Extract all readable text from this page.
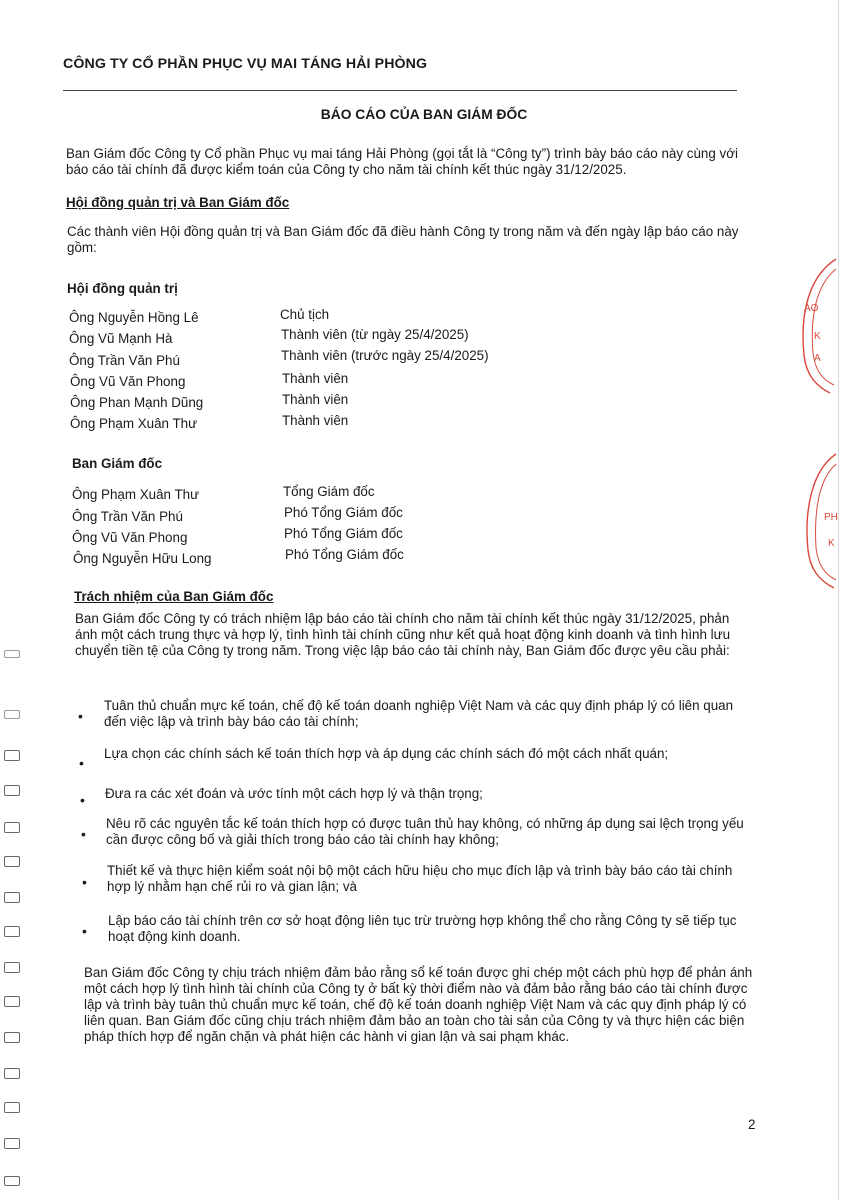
CÔNG TY CỔ PHẦN PHỤC VỤ MAI TÁNG HẢI PHÒNG
BÁO CÁO CỦA BAN GIÁM ĐỐC
Ban Giám đốc Công ty Cổ phần Phục vụ mai táng Hải Phòng (gọi tắt là “Công ty”) trình bày báo cáo này cùng với báo cáo tài chính đã được kiểm toán của Công ty cho năm tài chính kết thúc ngày 31/12/2025.
Hội đồng quản trị và Ban Giám đốc
Các thành viên Hội đồng quản trị và Ban Giám đốc đã điều hành Công ty trong năm và đến ngày lập báo cáo này gồm:
Hội đồng quản trị
Ông Nguyễn Hồng Lê	Chủ tịch
Ông Vũ Mạnh Hà	Thành viên (từ ngày 25/4/2025)
Ông Trần Văn Phú	Thành viên (trước ngày 25/4/2025)
Ông Vũ Văn Phong	Thành viên
Ông Phan Mạnh Dũng	Thành viên
Ông Phạm Xuân Thư	Thành viên
Ban Giám đốc
Ông Phạm Xuân Thư	Tổng Giám đốc
Ông Trần Văn Phú	Phó Tổng Giám đốc
Ông Vũ Văn Phong	Phó Tổng Giám đốc
Ông Nguyễn Hữu Long	Phó Tổng Giám đốc
Trách nhiệm của Ban Giám đốc
Ban Giám đốc Công ty có trách nhiệm lập báo cáo tài chính cho năm tài chính kết thúc ngày 31/12/2025, phản ánh một cách trung thực và hợp lý, tình hình tài chính cũng như kết quả hoạt động kinh doanh và tình hình lưu chuyển tiền tệ của Công ty trong năm. Trong việc lập báo cáo tài chính này, Ban Giám đốc được yêu cầu phải:
•
Tuân thủ chuẩn mực kế toán, chế độ kế toán doanh nghiệp Việt Nam và các quy định pháp lý có liên quan đến việc lập và trình bày báo cáo tài chính;
•
Lựa chọn các chính sách kế toán thích hợp và áp dụng các chính sách đó một cách nhất quán;
• Đưa ra các xét đoán và ước tính một cách hợp lý và thận trọng;
•
Nêu rõ các nguyên tắc kế toán thích hợp có được tuân thủ hay không, có những áp dụng sai lệch trọng yếu cần được công bố và giải thích trong báo cáo tài chính hay không;
•
Thiết kế và thực hiện kiểm soát nội bộ một cách hữu hiệu cho mục đích lập và trình bày báo cáo tài chính hợp lý nhằm hạn chế rủi ro và gian lận; và
•
Lập báo cáo tài chính trên cơ sở hoạt động liên tục trừ trường hợp không thể cho rằng Công ty sẽ tiếp tục hoạt động kinh doanh.
Ban Giám đốc Công ty chịu trách nhiệm đảm bảo rằng sổ kế toán được ghi chép một cách phù hợp để phản ánh một cách hợp lý tình hình tài chính của Công ty ở bất kỳ thời điểm nào và đảm bảo rằng báo cáo tài chính được lập và trình bày tuân thủ chuẩn mực kế toán, chế độ kế toán doanh nghiệp Việt Nam và các quy định pháp lý có liên quan. Ban Giám đốc cũng chịu trách nhiệm đảm bảo an toàn cho tài sản của Công ty và thực hiện các biện pháp thích hợp để ngăn chặn và phát hiện các hành vi gian lận và sai phạm khác.
2
ÁO
K
A
PH
K
